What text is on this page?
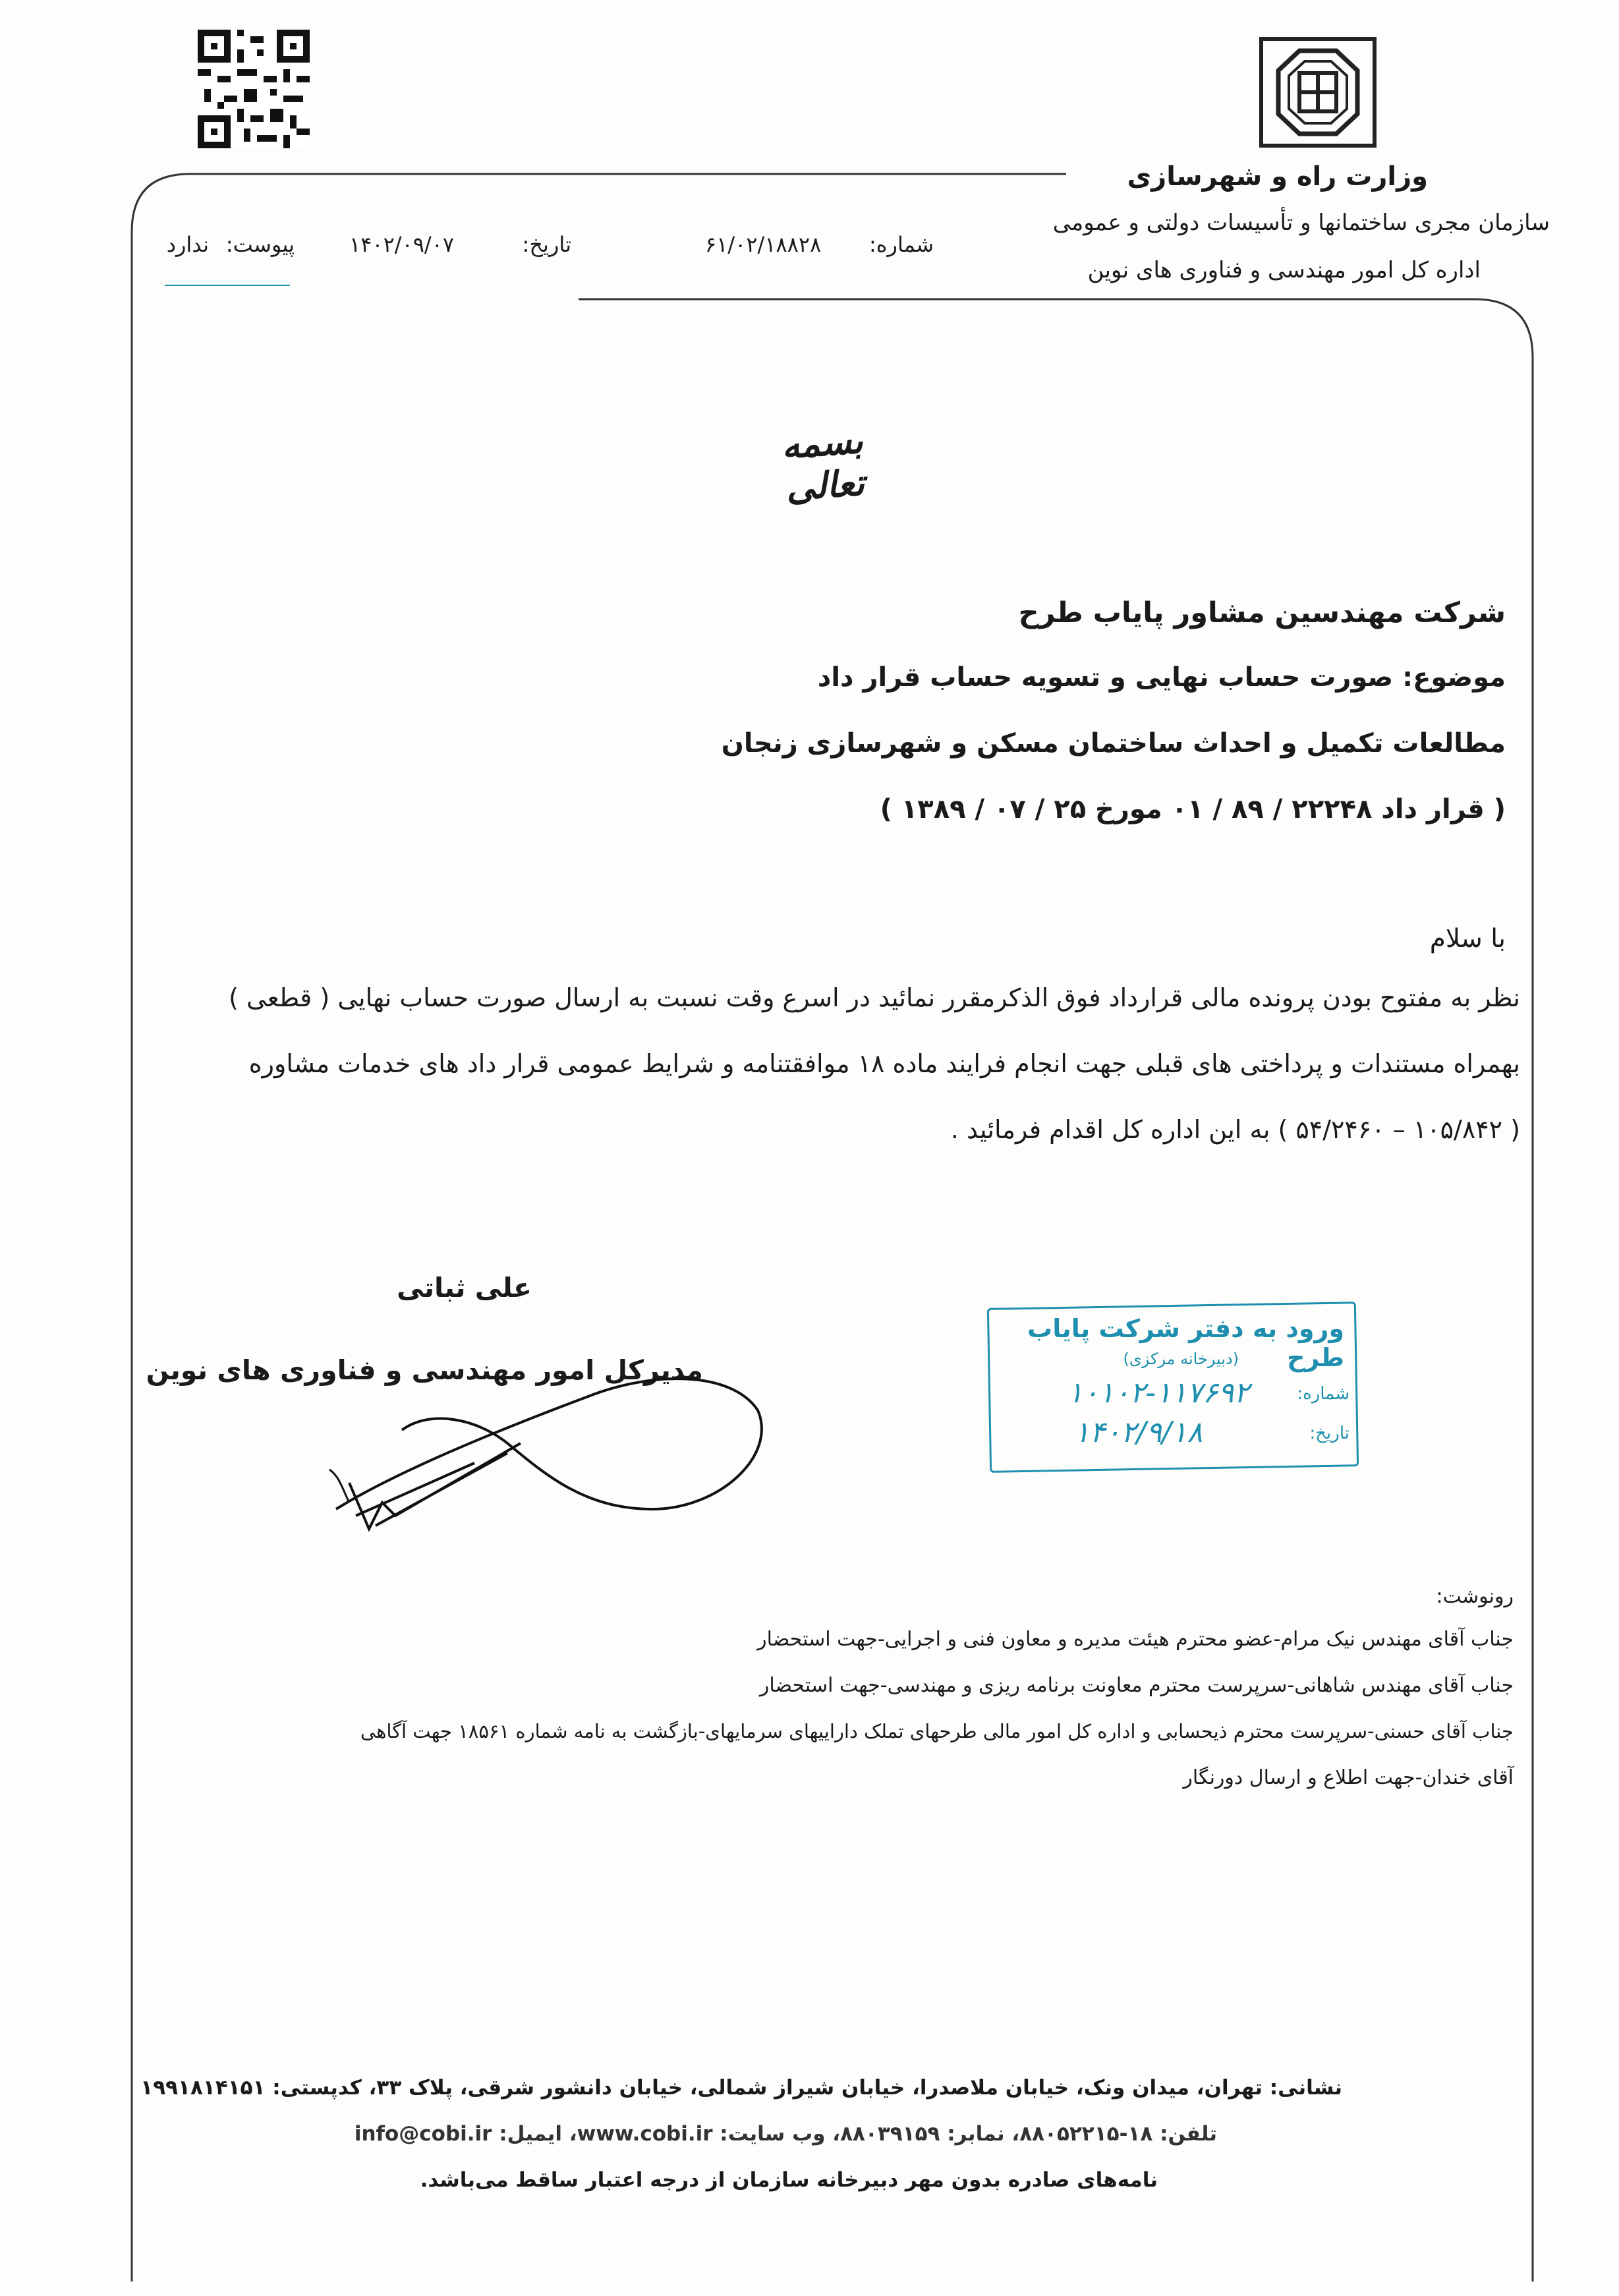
وزارت راه و شهرسازی
سازمان مجری ساختمانها و تأسیسات دولتی و عمومی
اداره کل امور مهندسی و فناوری های نوین
شماره:
۶۱/۰۲/۱۸۸۲۸
تاریخ:
۱۴۰۲/۰۹/۰۷
پیوست:
ندارد
بسمه تعالی
شرکت مهندسین مشاور پایاب طرح
موضوع: صورت حساب نهایی و تسویه حساب قرار داد
مطالعات تکمیل و احداث ساختمان مسکن و شهرسازی زنجان
( قرار داد ۲۲۲۴۸ / ۸۹ / ۰۱ مورخ ۲۵ / ۰۷ / ۱۳۸۹ )
با سلام
نظر به مفتوح بودن پرونده مالی قرارداد فوق الذکرمقرر نمائید در اسرع وقت نسبت به ارسال صورت حساب نهایی ( قطعی )
بهمراه مستندات و پرداختی های قبلی جهت انجام فرایند ماده ۱۸ موافقتنامه و شرایط عمومی قرار داد های خدمات مشاوره
( ۱۰۵/۸۴۲ – ۵۴/۲۴۶۰ ) به این اداره کل اقدام فرمائید .
علی ثباتی
مدیرکل امور مهندسی و فناوری های نوین
ورود به دفتر شرکت پایاب طرح
(دبیرخانه مرکزی)
شماره:
۱۰۱۰۲-۱۱۷۶۹۲
تاریخ:
۱۴۰۲/۹/۱۸
رونوشت:
جناب آقای مهندس نیک مرام-عضو محترم هیئت مدیره و معاون فنی و اجرایی-جهت استحضار
جناب آقای مهندس شاهانی-سرپرست محترم معاونت برنامه ریزی و مهندسی-جهت استحضار
جناب آقای حسنی-سرپرست محترم ذیحسابی و اداره کل امور مالی طرحهای تملک داراییهای سرمایهای-بازگشت به نامه شماره ۱۸۵۶۱ جهت آگاهی
آقای خندان-جهت اطلاع و ارسال دورنگار
نشانی: تهران، میدان ونک، خیابان ملاصدرا، خیابان شیراز شمالی، خیابان دانشور شرقی، پلاک ۳۳، کدپستی: ۱۹۹۱۸۱۴۱۵۱
تلفن: ۱۸-۸۸۰۵۲۲۱۵، نمابر: ۸۸۰۳۹۱۵۹، وب سایت: www.cobi.ir، ایمیل: info@cobi.ir
نامه‌های صادره بدون مهر دبیرخانه سازمان از درجه اعتبار ساقط می‌باشد.
